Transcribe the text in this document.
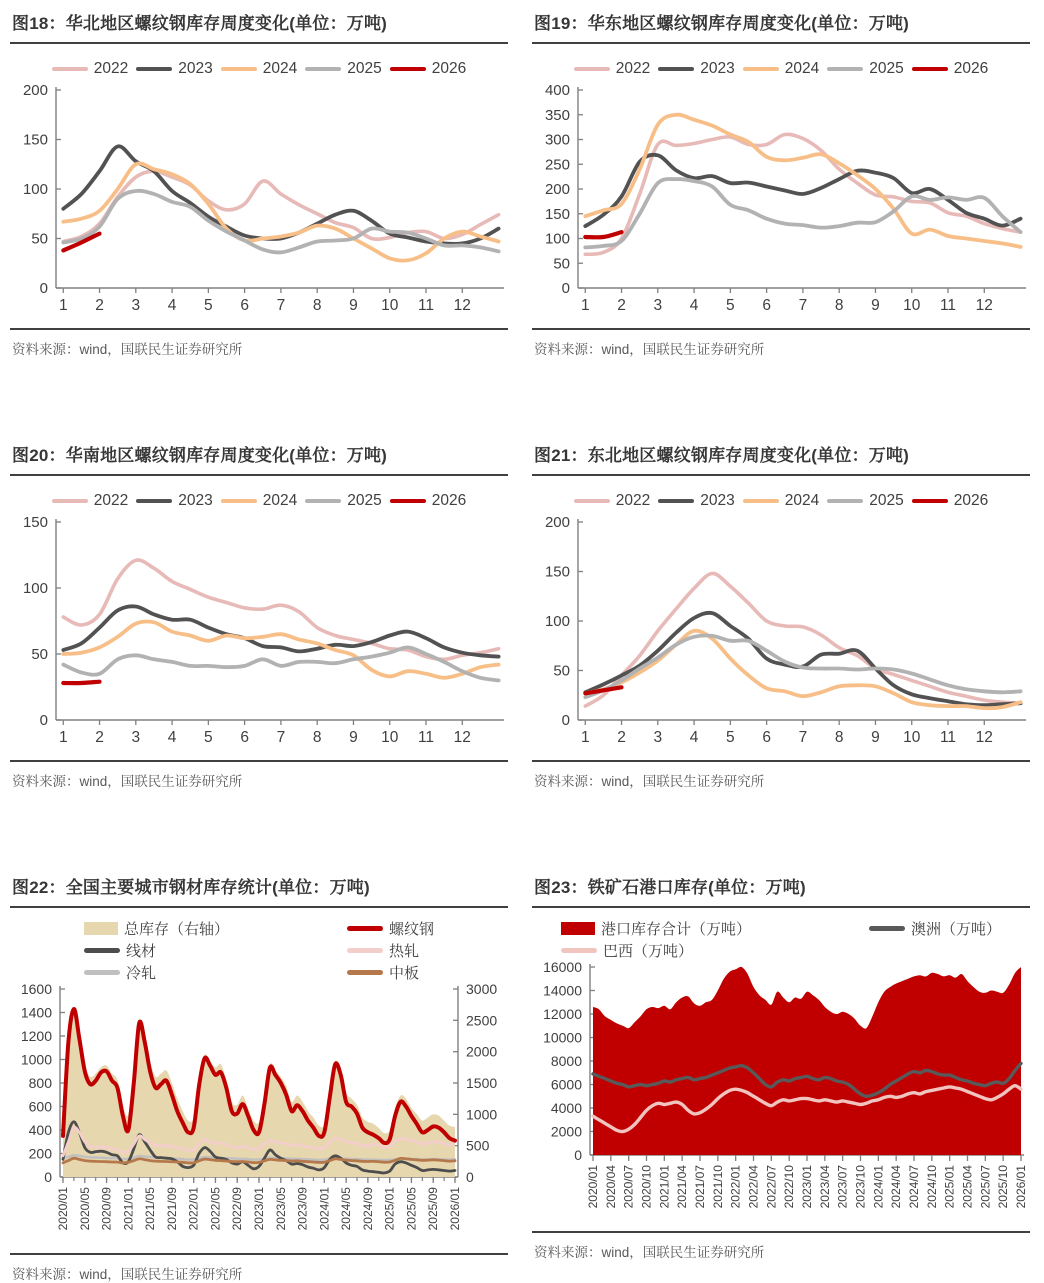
图18：华北地区螺纹钢库存周度变化(单位：万吨)
2022	2023	2024	2025	2026
0
50
100
150
200
1 2 3 4 5 6 7 8 9 10 11 12
资料来源：wind，国联民生证券研究所
图19：华东地区螺纹钢库存周度变化(单位：万吨)
2022	2023	2024	2025	2026
0
50
100
150
200
250
300
350
400
1 2 3 4 5 6 7 8 9 10 11 12
资料来源：wind，国联民生证券研究所
图20：华南地区螺纹钢库存周度变化(单位：万吨)
2022	2023	2024	2025	2026
0
50
100
150
1 2 3 4 5 6 7 8 9 10 11 12
资料来源：wind，国联民生证券研究所
图21：东北地区螺纹钢库存周度变化(单位：万吨)
2022	2023	2024	2025	2026
0
50
100
150
200
1 2 3 4 5 6 7 8 9 10 11 12
资料来源：wind，国联民生证券研究所
图22：全国主要城市钢材库存统计(单位：万吨)
总库存（右轴）	螺纹钢
线材	热轧
冷轧	中板
0
200
400
600
800
1000
1200
1400
1600
0
500
1000
1500
2000
2500
3000
2020/01 2020/05 2020/09 2021/01 2021/05 2021/09 2022/01 2022/05 2022/09 2023/01 2023/05 2023/09 2024/01 2024/05 2024/09 2025/01 2025/05 2025/09 2026/01
资料来源：wind，国联民生证券研究所
图23：铁矿石港口库存(单位：万吨)
港口库存合计（万吨）	澳洲（万吨）
巴西（万吨）
0
2000
4000
6000
8000
10000
12000
14000
16000
2020/01 2020/04 2020/07 2020/10 2021/01 2021/04 2021/07 2021/10 2022/01 2022/04 2022/07 2022/10 2023/01 2023/04 2023/07 2023/10 2024/01 2024/04 2024/07 2024/10 2025/01 2025/04 2025/07 2025/10 2026/01
资料来源：wind，国联民生证券研究所
